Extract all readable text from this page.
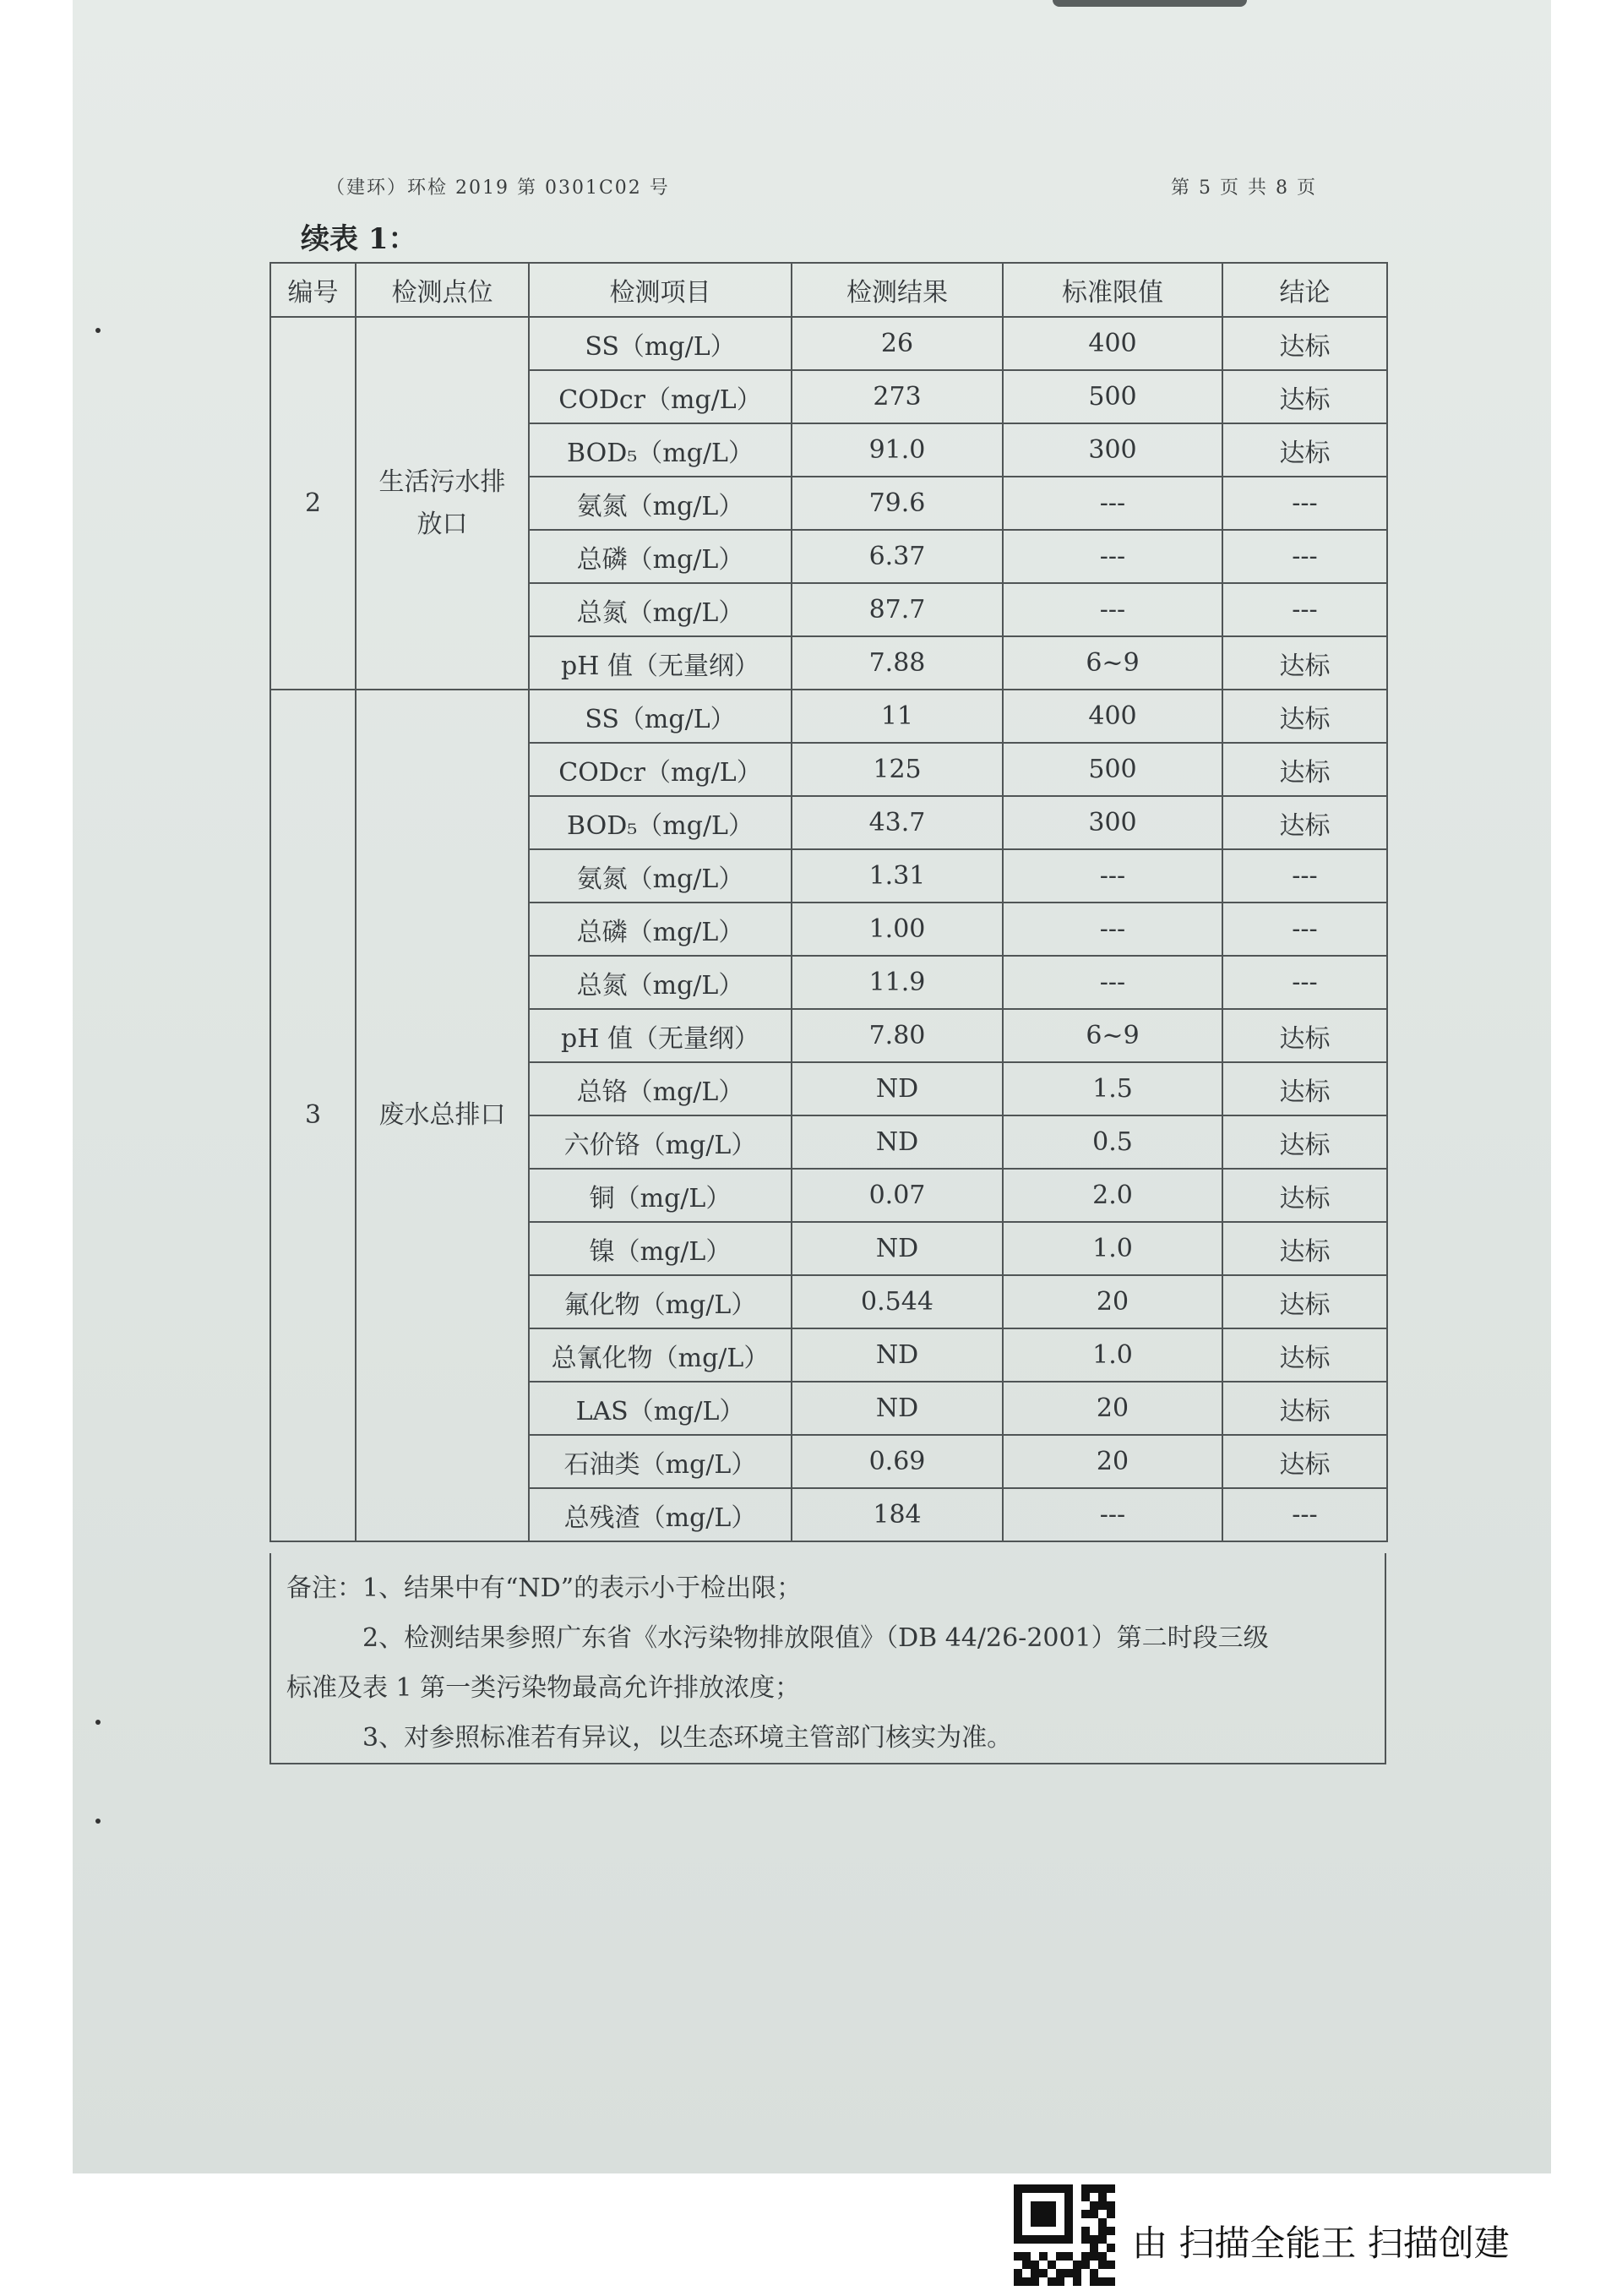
（建环）环检 2019 第 0301C02 号	第 5 页 共 8 页
续表 1：
编号	检测点位	检测项目	检测结果	标准限值	结论
2	生活污水排放口	SS（mg/L）	26	400	达标
		CODcr（mg/L）	273	500	达标
		BOD₅（mg/L）	91.0	300	达标
		氨氮（mg/L）	79.6	---	---
		总磷（mg/L）	6.37	---	---
		总氮（mg/L）	87.7	---	---
		pH 值（无量纲）	7.88	6~9	达标
3	废水总排口	SS（mg/L）	11	400	达标
		CODcr（mg/L）	125	500	达标
		BOD₅（mg/L）	43.7	300	达标
		氨氮（mg/L）	1.31	---	---
		总磷（mg/L）	1.00	---	---
		总氮（mg/L）	11.9	---	---
		pH 值（无量纲）	7.80	6~9	达标
		总铬（mg/L）	ND	1.5	达标
		六价铬（mg/L）	ND	0.5	达标
		铜（mg/L）	0.07	2.0	达标
		镍（mg/L）	ND	1.0	达标
		氟化物（mg/L）	0.544	20	达标
		总氰化物（mg/L）	ND	1.0	达标
		LAS（mg/L）	ND	20	达标
		石油类（mg/L）	0.69	20	达标
		总残渣（mg/L）	184	---	---

备注：1、结果中有“ND”的表示小于检出限；

2、检测结果参照广东省《水污染物排放限值》（DB 44/26-2001）第二时段三级

标准及表 1 第一类污染物最高允许排放浓度；

3、对参照标准若有异议，以生态环境主管部门核实为准。

由 扫描全能王 扫描创建
